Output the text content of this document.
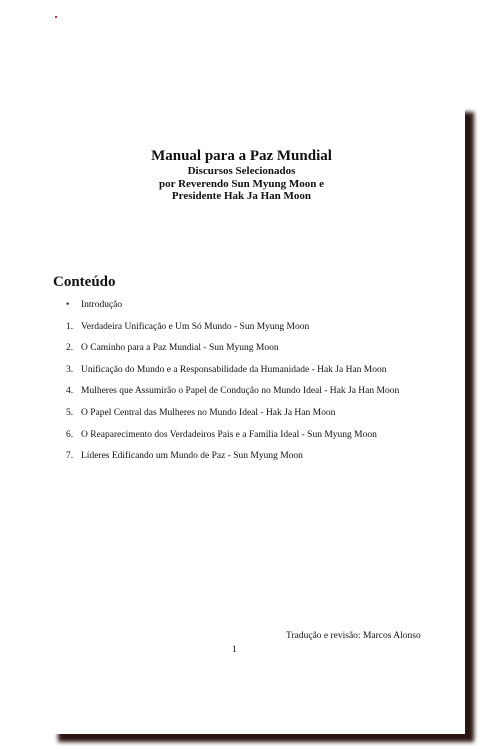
Manual para a Paz Mundial
Discursos Selecionados
por Reverendo Sun Myung Moon e
Presidente Hak Ja Han Moon
Conteúdo
•	Introdução
1. Verdadeira Unificação e Um Só Mundo - Sun Myung Moon
2. O Caminho para a Paz Mundial - Sun Myung Moon
3. Unificação do Mundo e a Responsabilidade da Humanidade - Hak Ja Han Moon
4. Mulheres que Assumirão o Papel de Condução no Mundo Ideal - Hak Ja Han Moon
5. O Papel Central das Mulheres no Mundo Ideal - Hak Ja Han Moon
6. O Reaparecimento dos Verdadeiros Pais e a Família Ideal - Sun Myung Moon
7. Líderes Edificando um Mundo de Paz - Sun Myung Moon
Tradução e revisão: Marcos Alonso
1
